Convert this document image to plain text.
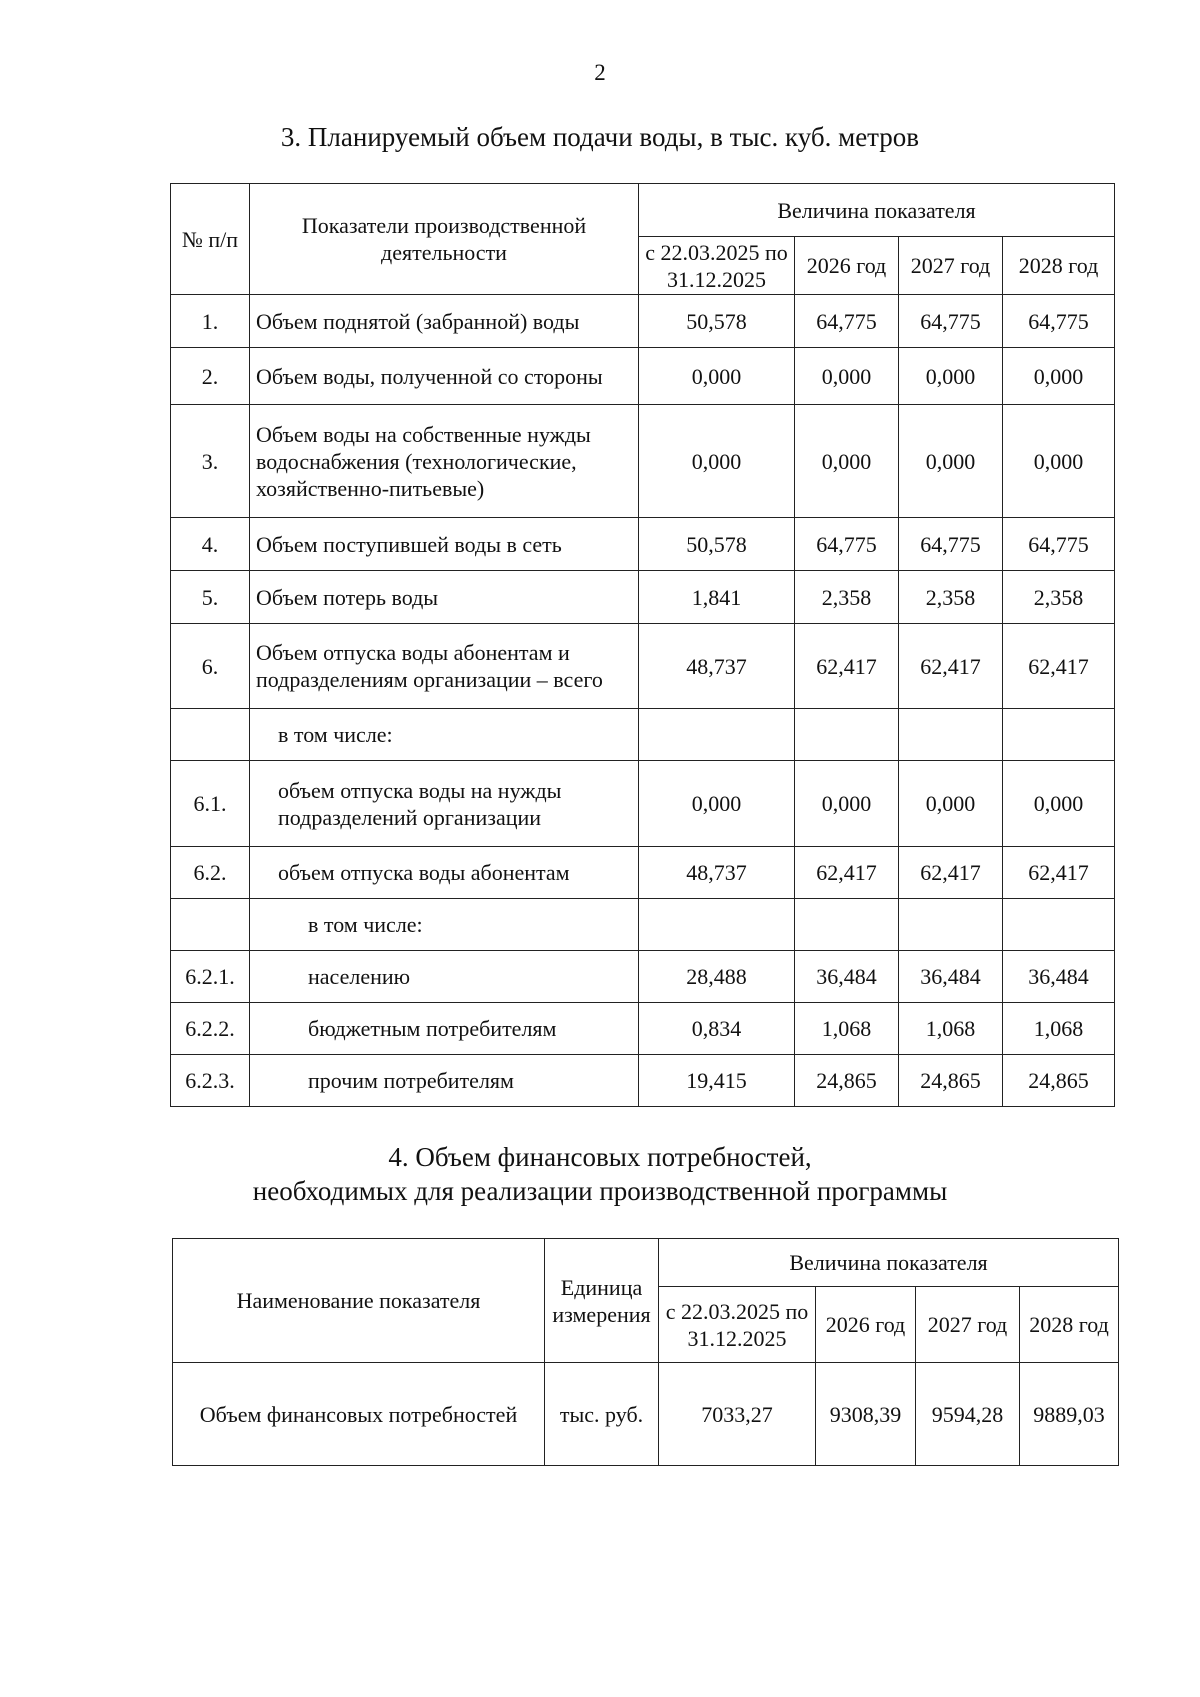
2
3. Планируемый объем подачи воды, в тыс. куб. метров
№ п/п	Показатели производственной деятельности	Величина показателя			
		с 22.03.2025 по 31.12.2025	2026 год	2027 год	2028 год
1.	Объем поднятой (забранной) воды	50,578	64,775	64,775	64,775
2.	Объем воды, полученной со стороны	0,000	0,000	0,000	0,000
3.	Объем воды на собственные нужды водоснабжения (технологические, хозяйственно-питьевые)	0,000	0,000	0,000	0,000
4.	Объем поступившей воды в сеть	50,578	64,775	64,775	64,775
5.	Объем потерь воды	1,841	2,358	2,358	2,358
6.	Объем отпуска воды абонентам и подразделениям организации – всего	48,737	62,417	62,417	62,417
	в том числе:				
6.1.	объем отпуска воды на нужды подразделений организации	0,000	0,000	0,000	0,000
6.2.	объем отпуска воды абонентам	48,737	62,417	62,417	62,417
	в том числе:				
6.2.1.	населению	28,488	36,484	36,484	36,484
6.2.2.	бюджетным потребителям	0,834	1,068	1,068	1,068
6.2.3.	прочим потребителям	19,415	24,865	24,865	24,865
4. Объем финансовых потребностей,
необходимых для реализации производственной программы
Наименование показателя	Единица измерения	Величина показателя			
		с 22.03.2025 по 31.12.2025	2026 год	2027 год	2028 год
Объем финансовых потребностей	тыс. руб.	7033,27	9308,39	9594,28	9889,03
